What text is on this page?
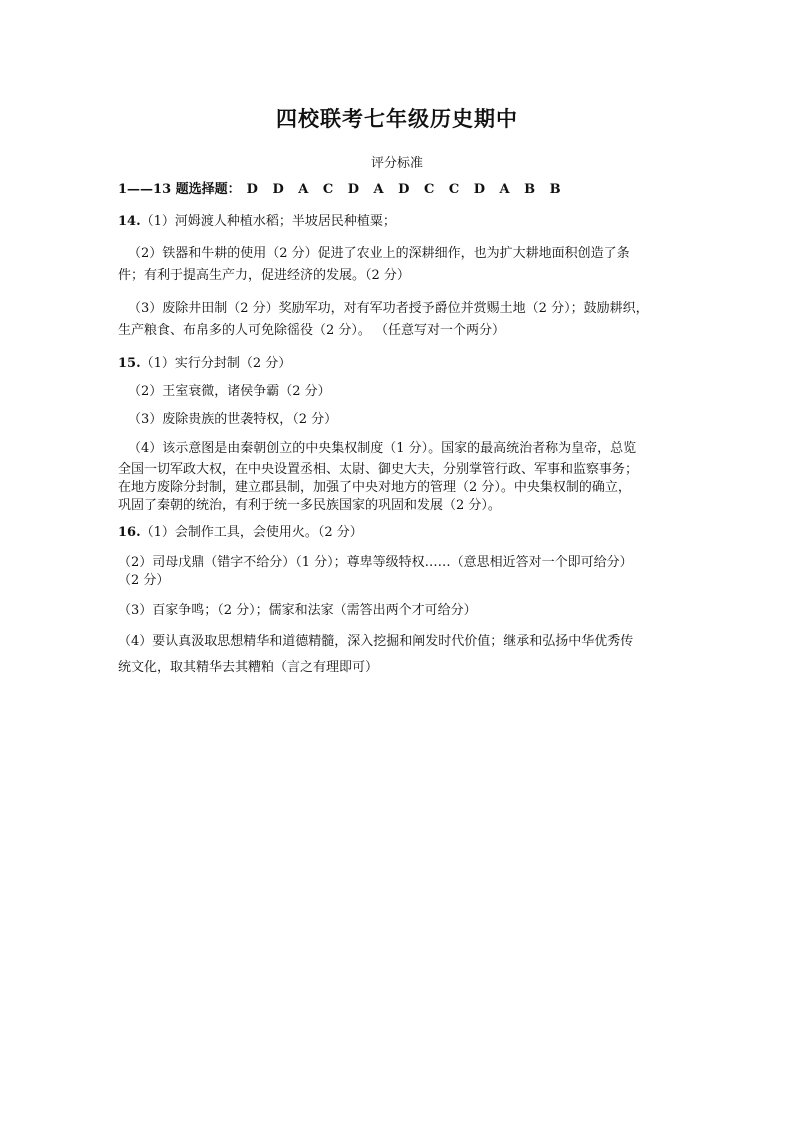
四校联考七年级历史期中
评分标准
1——13 题选择题： D D A C D A D C C D A B B
14.（1）河姆渡人种植水稻；半坡居民种植粟；
（2）铁器和牛耕的使用（2 分）促进了农业上的深耕细作，也为扩大耕地面积创造了条
件；有利于提高生产力，促进经济的发展。（2 分）
（3）废除井田制（2 分）奖励军功，对有军功者授予爵位并赏赐土地（2 分）；鼓励耕织，
生产粮食、布帛多的人可免除徭役（2 分）。 （任意写对一个两分）
15.（1）实行分封制（2 分）
（2）王室衰微，诸侯争霸（2 分）
（3）废除贵族的世袭特权，（2 分）
（4）该示意图是由秦朝创立的中央集权制度（1 分）。国家的最高统治者称为皇帝，总览
全国一切军政大权，在中央设置丞相、太尉、御史大夫，分别掌管行政、军事和监察事务；
在地方废除分封制，建立郡县制，加强了中央对地方的管理（2 分）。中央集权制的确立，
巩固了秦朝的统治，有利于统一多民族国家的巩固和发展（2 分）。
16.（1）会制作工具，会使用火。（2 分）
（2）司母戊鼎（错字不给分）（1 分）；尊卑等级特权……（意思相近答对一个即可给分）
（2 分）
（3）百家争鸣；（2 分）；儒家和法家（需答出两个才可给分）
（4）要认真汲取思想精华和道德精髓，深入挖掘和阐发时代价值；继承和弘扬中华优秀传
统文化，取其精华去其糟粕（言之有理即可）
